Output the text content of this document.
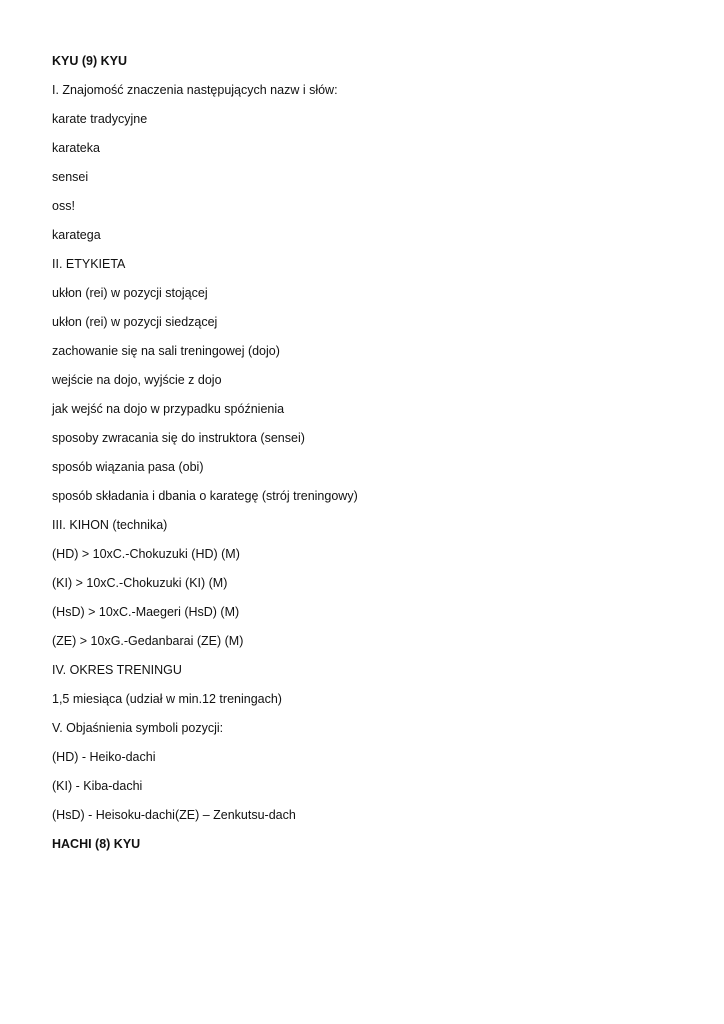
KYU (9) KYU
I. Znajomość znaczenia następujących nazw i słów:
karate tradycyjne
karateka
sensei
oss!
karatega
II. ETYKIETA
ukłon (rei) w pozycji stojącej
ukłon (rei) w pozycji siedzącej
zachowanie się na sali treningowej (dojo)
wejście na dojo, wyjście z dojo
jak wejść na dojo w przypadku spóźnienia
sposoby zwracania się do instruktora (sensei)
sposób wiązania pasa (obi)
sposób składania i dbania o karategę (strój treningowy)
III. KIHON (technika)
(HD) > 10xC.-Chokuzuki (HD) (M)
(KI) > 10xC.-Chokuzuki (KI) (M)
(HsD) > 10xC.-Maegeri (HsD) (M)
(ZE) > 10xG.-Gedanbarai (ZE) (M)
IV. OKRES TRENINGU
1,5 miesiąca (udział w min.12 treningach)
V. Objaśnienia symboli pozycji:
(HD) - Heiko-dachi
(KI) - Kiba-dachi
(HsD) - Heisoku-dachi(ZE) – Zenkutsu-dach
HACHI (8) KYU
